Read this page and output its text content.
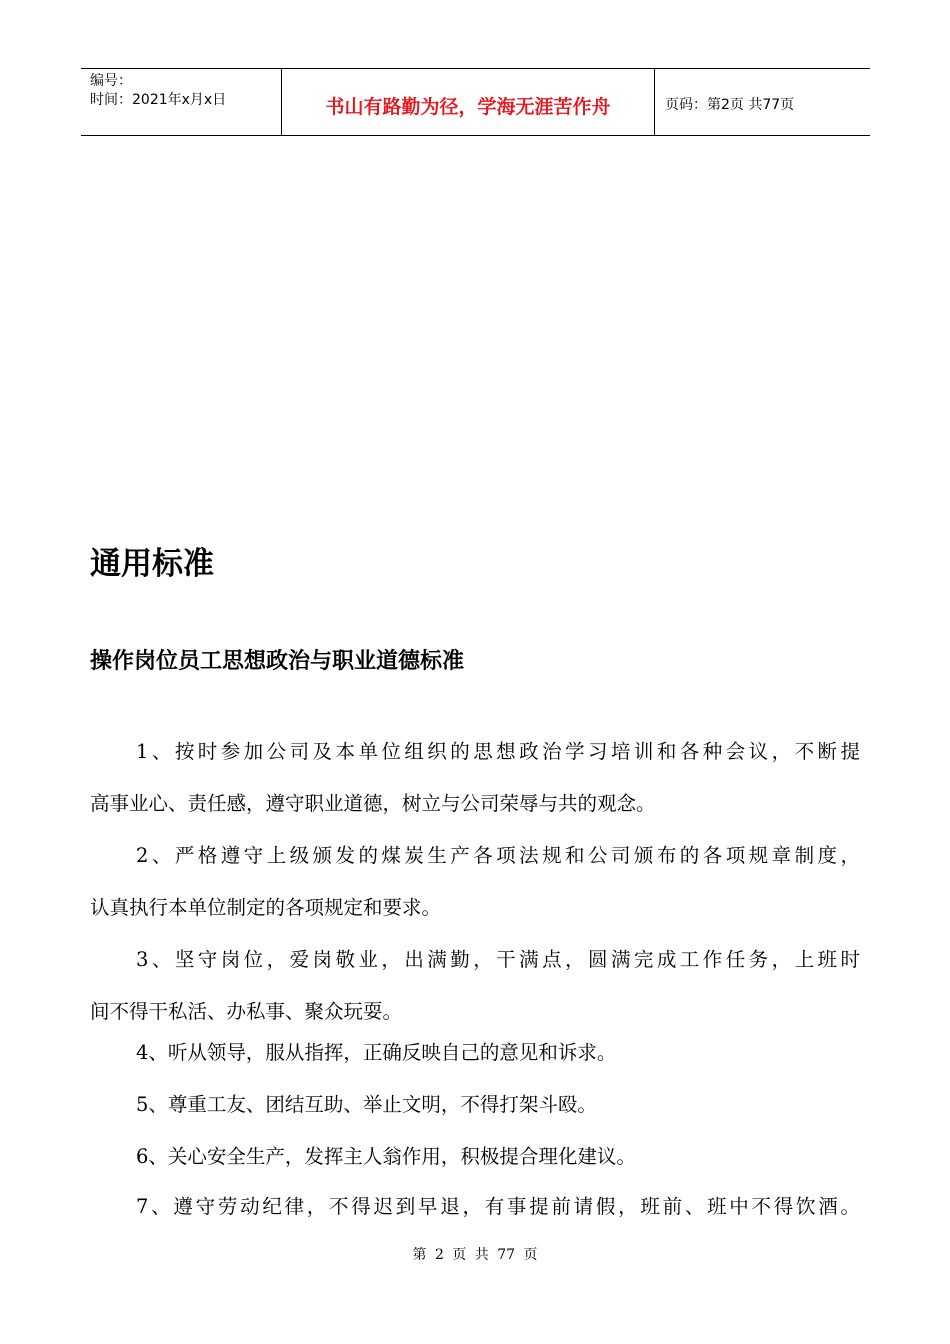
编号：
时间：2021年x月x日	书山有路勤为径，学海无涯苦作舟	页码：第2页 共77页
通用标准
操作岗位员工思想政治与职业道德标准
1、按时参加公司及本单位组织的思想政治学习培训和各种会议，不断提
高事业心、责任感，遵守职业道德，树立与公司荣辱与共的观念。
2、严格遵守上级颁发的煤炭生产各项法规和公司颁布的各项规章制度，
认真执行本单位制定的各项规定和要求。
3、坚守岗位，爱岗敬业，出满勤，干满点，圆满完成工作任务，上班时
间不得干私活、办私事、聚众玩耍。
4、听从领导，服从指挥，正确反映自己的意见和诉求。
5、尊重工友、团结互助、举止文明，不得打架斗殴。
6、关心安全生产，发挥主人翁作用，积极提合理化建议。
7、遵守劳动纪律，不得迟到早退，有事提前请假，班前、班中不得饮酒。
第 2 页 共 77 页
